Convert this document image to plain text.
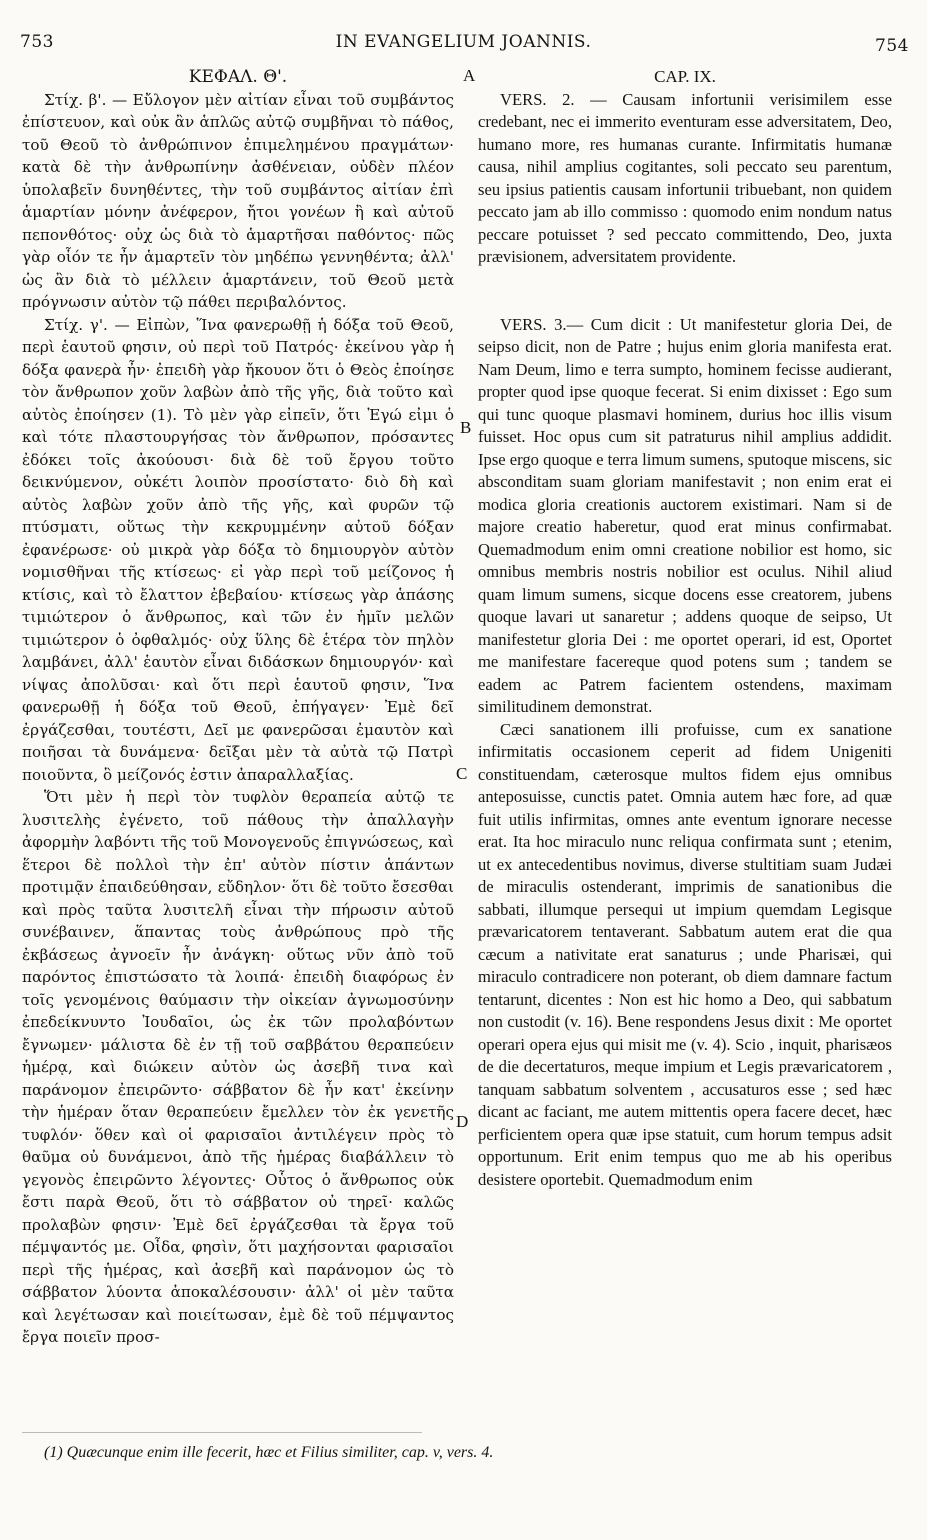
753	IN EVANGELIUM JOANNIS.	754
ΚΕΦΑΛ. Θ'.

Στίχ. β'. — Εὔλογον μὲν αἰτίαν εἶναι τοῦ συμβάντος ἐπίστευον, καὶ οὐκ ἂν ἁπλῶς αὐτῷ συμβῆναι τὸ πάθος, τοῦ Θεοῦ τὸ ἀνθρώπινον ἐπιμελημένου πραγμάτων· κατὰ δὲ τὴν ἀνθρωπίνην ἀσθένειαν, οὐδὲν πλέον ὑπολαβεῖν δυνηθέντες, τὴν τοῦ συμβάντος αἰτίαν ἐπὶ ἁμαρτίαν μόνην ἀνέφερον, ἤτοι γονέων ἢ καὶ αὐτοῦ πεπονθότος· οὐχ ὡς διὰ τὸ ἁμαρτῆσαι παθόντος· πῶς γὰρ οἷόν τε ἦν ἁμαρτεῖν τὸν μηδέπω γεννηθέντα; ἀλλ' ὡς ἂν διὰ τὸ μέλλειν ἁμαρτάνειν, τοῦ Θεοῦ μετὰ πρόγνωσιν αὐτὸν τῷ πάθει περιβαλόντος.

Στίχ. γ'. — Εἰπὼν, Ἵνα φανερωθῇ ἡ δόξα τοῦ Θεοῦ, περὶ ἑαυτοῦ φησιν, οὐ περὶ τοῦ Πατρός· ἐκείνου γὰρ ἡ δόξα φανερὰ ἦν· ἐπειδὴ γὰρ ἤκουον ὅτι ὁ Θεὸς ἐποίησε τὸν ἄνθρωπον χοῦν λαβὼν ἀπὸ τῆς γῆς, διὰ τοῦτο καὶ αὐτὸς ἐποίησεν (1). Τὸ μὲν γὰρ εἰπεῖν, ὅτι Ἐγώ εἰμι ὁ καὶ τότε πλαστουργήσας τὸν ἄνθρωπον, πρόσαντες ἐδόκει τοῖς ἀκούουσι· διὰ δὲ τοῦ ἔργου τοῦτο δεικνύμενον, οὐκέτι λοιπὸν προσίστατο· διὸ δὴ καὶ αὐτὸς λαβὼν χοῦν ἀπὸ τῆς γῆς, καὶ φυρῶν τῷ πτύσματι, οὕτως τὴν κεκρυμμένην αὐτοῦ δόξαν ἐφανέρωσε· οὐ μικρὰ γὰρ δόξα τὸ δημιουργὸν αὐτὸν νομισθῆναι τῆς κτίσεως· εἰ γὰρ περὶ τοῦ μείζονος ἡ κτίσις, καὶ τὸ ἔλαττον ἐβεβαίου· κτίσεως γὰρ ἁπάσης τιμιώτερον ὁ ἄνθρωπος, καὶ τῶν ἐν ἡμῖν μελῶν τιμιώτερον ὁ ὀφθαλμός· οὐχ ὕλης δὲ ἑτέρα τὸν πηλὸν λαμβάνει, ἀλλ' ἑαυτὸν εἶναι διδάσκων δημιουργόν· καὶ νίψας ἀπολῦσαι· καὶ ὅτι περὶ ἑαυτοῦ φησιν, Ἵνα φανερωθῇ ἡ δόξα τοῦ Θεοῦ, ἐπήγαγεν· Ἐμὲ δεῖ ἐργάζεσθαι, τουτέστι, Δεῖ με φανερῶσαι ἐμαυτὸν καὶ ποιῆσαι τὰ δυνάμενα· δεῖξαι μὲν τὰ αὐτὰ τῷ Πατρὶ ποιοῦντα, ὃ μείζονός ἐστιν ἀπαραλλαξίας.

Ὅτι μὲν ἡ περὶ τὸν τυφλὸν θεραπεία αὐτῷ τε λυσιτελὴς ἐγένετο, τοῦ πάθους τὴν ἀπαλλαγὴν ἀφορμὴν λαβόντι τῆς τοῦ Μονογενοῦς ἐπιγνώσεως, καὶ ἕτεροι δὲ πολλοὶ τὴν ἐπ' αὐτὸν πίστιν ἁπάντων προτιμᾷν ἐπαιδεύθησαν, εὔδηλον· ὅτι δὲ τοῦτο ἔσεσθαι καὶ πρὸς ταῦτα λυσιτελῆ εἶναι τὴν πήρωσιν αὐτοῦ συνέβαινεν, ἅπαντας τοὺς ἀνθρώπους πρὸ τῆς ἐκβάσεως ἀγνοεῖν ἦν ἀνάγκη· οὕτως νῦν ἀπὸ τοῦ παρόντος ἐπιστώσατο τὰ λοιπά· ἐπειδὴ διαφόρως ἐν τοῖς γενομένοις θαύμασιν τὴν οἰκείαν ἀγνωμοσύνην ἐπεδείκνυντο Ἰουδαῖοι, ὡς ἐκ τῶν προλαβόντων ἔγνωμεν· μάλιστα δὲ ἐν τῇ τοῦ σαββάτου θεραπεύειν ἡμέρᾳ, καὶ διώκειν αὐτὸν ὡς ἀσεβῆ τινα καὶ παράνομον ἐπειρῶντο· σάββατον δὲ ἦν κατ' ἐκείνην τὴν ἡμέραν ὅταν θεραπεύειν ἔμελλεν τὸν ἐκ γενετῆς τυφλόν· ὅθεν καὶ οἱ φαρισαῖοι ἀντιλέγειν πρὸς τὸ θαῦμα οὐ δυνάμενοι, ἀπὸ τῆς ἡμέρας διαβάλλειν τὸ γεγονὸς ἐπειρῶντο λέγοντες· Οὗτος ὁ ἄνθρωπος οὐκ ἔστι παρὰ Θεοῦ, ὅτι τὸ σάββατον οὐ τηρεῖ· καλῶς προλαβὼν φησιν· Ἐμὲ δεῖ ἐργάζεσθαι τὰ ἔργα τοῦ πέμψαντός με. Οἶδα, φησὶν, ὅτι μαχήσονται φαρισαῖοι περὶ τῆς ἡμέρας, καὶ ἀσεβῆ καὶ παράνομον ὡς τὸ σάββατον λύοντα ἀποκαλέσουσιν· ἀλλ' οἱ μὲν ταῦτα καὶ λεγέτωσαν καὶ ποιείτωσαν, ἐμὲ δὲ τοῦ πέμψαντος ἔργα ποιεῖν προσ-

CAP. IX.

VERS. 2. — Causam infortunii verisimilem esse credebant, nec ei immerito eventuram esse adversitatem, Deo, humano more, res humanas curante. Infirmitatis humanæ causa, nihil amplius cogitantes, soli peccato seu parentum, seu ipsius patientis causam infortunii tribuebant, non quidem peccato jam ab illo commisso : quomodo enim nondum natus peccare potuisset ? sed peccato committendo, Deo, juxta prævisionem, adversitatem providente.

VERS. 3.— Cum dicit : Ut manifestetur gloria Dei, de seipso dicit, non de Patre ; hujus enim gloria manifesta erat. Nam Deum, limo e terra sumpto, hominem fecisse audierant, propter quod ipse quoque fecerat. Si enim dixisset : Ego sum qui tunc quoque plasmavi hominem, durius hoc illis visum fuisset. Hoc opus cum sit patraturus nihil amplius addidit. Ipse ergo quoque e terra limum sumens, sputoque miscens, sic absconditam suam gloriam manifestavit ; non enim erat ei modica gloria creationis auctorem existimari. Nam si de majore creatio haberetur, quod erat minus confirmabat. Quemadmodum enim omni creatione nobilior est homo, sic omnibus membris nostris nobilior est oculus. Nihil aliud quam limum sumens, sicque docens esse creatorem, jubens quoque lavari ut sanaretur ; addens quoque de seipso, Ut manifestetur gloria Dei : me oportet operari, id est, Oportet me manifestare facereque quod potens sum ; tandem se eadem ac Patrem facientem ostendens, maximam similitudinem demonstrat.

Cæci sanationem illi profuisse, cum ex sanatione infirmitatis occasionem ceperit ad fidem Unigeniti constituendam, cæterosque multos fidem ejus omnibus anteposuisse, cunctis patet. Omnia autem hæc fore, ad quæ fuit utilis infirmitas, omnes ante eventum ignorare necesse erat. Ita hoc miraculo nunc reliqua confirmata sunt ; etenim, ut ex antecedentibus novimus, diverse stultitiam suam Judæi de miraculis ostenderant, imprimis de sanationibus die sabbati, illumque persequi ut impium quemdam Legisque prævaricatorem tentaverant. Sabbatum autem erat die qua cæcum a nativitate erat sanaturus ; unde Pharisæi, qui miraculo contradicere non poterant, ob diem damnare factum tentarunt, dicentes : Non est hic homo a Deo, qui sabbatum non custodit (v. 16). Bene respondens Jesus dixit : Me oportet operari opera ejus qui misit me (v. 4). Scio , inquit, pharisæos de die decertaturos, meque impium et Legis prævaricatorem , tanquam sabbatum solventem , accusaturos esse ; sed hæc dicant ac faciant, me autem mittentis opera facere decet, hæc perficientem opera quæ ipse statuit, cum horum tempus adsit opportunum. Erit enim tempus quo me ab his operibus desistere oportebit. Quemadmodum enim

A
B
C
D
(1) Quæcunque enim ille fecerit, hæc et Filius similiter, cap. v, vers. 4.
